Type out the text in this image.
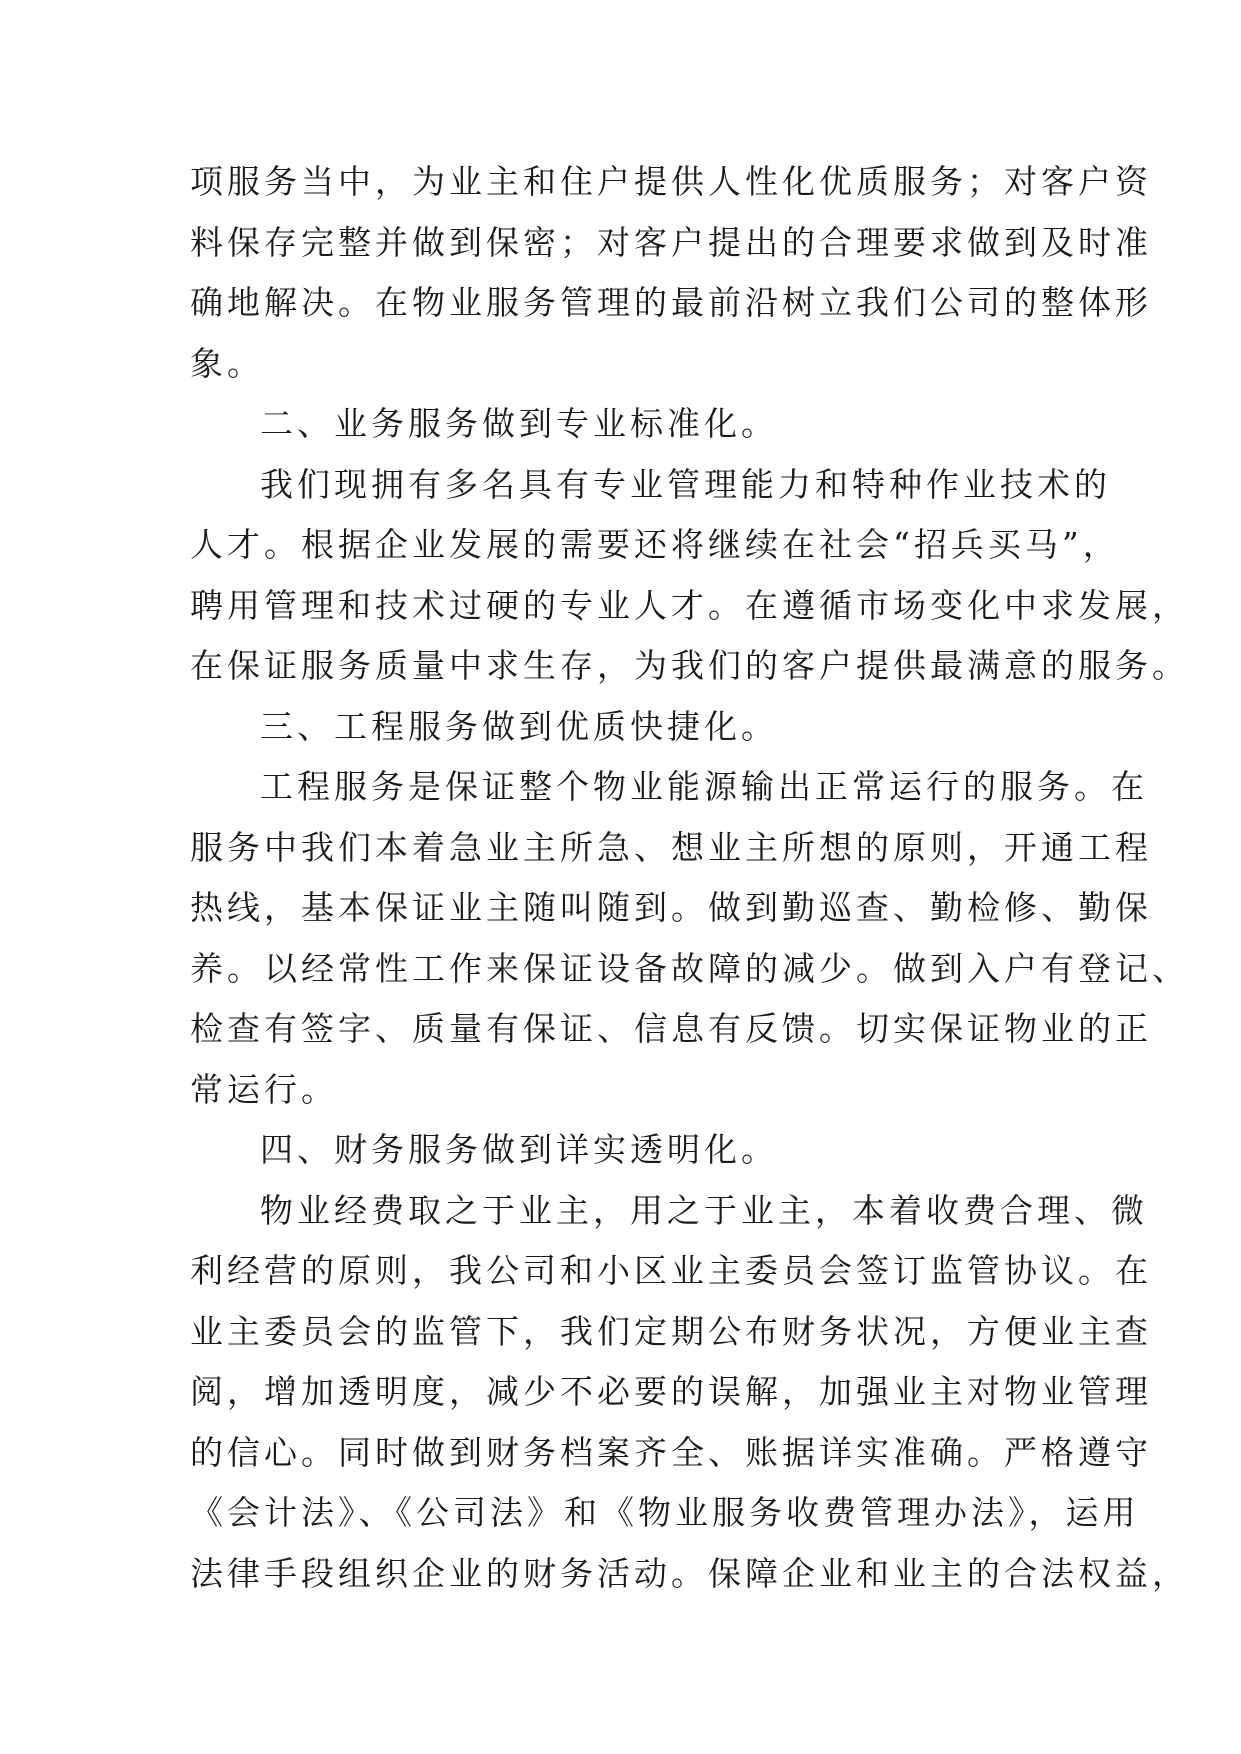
项服务当中，为业主和住户提供人性化优质服务；对客户资
料保存完整并做到保密；对客户提出的合理要求做到及时准
确地解决。在物业服务管理的最前沿树立我们公司的整体形
象。
二、业务服务做到专业标准化。
我们现拥有多名具有专业管理能力和特种作业技术的
人才。根据企业发展的需要还将继续在社会“招兵买马”，
聘用管理和技术过硬的专业人才。在遵循市场变化中求发展，
在保证服务质量中求生存，为我们的客户提供最满意的服务。
三、工程服务做到优质快捷化。
工程服务是保证整个物业能源输出正常运行的服务。在
服务中我们本着急业主所急、想业主所想的原则，开通工程
热线，基本保证业主随叫随到。做到勤巡查、勤检修、勤保
养。以经常性工作来保证设备故障的减少。做到入户有登记、
检查有签字、质量有保证、信息有反馈。切实保证物业的正
常运行。
四、财务服务做到详实透明化。
物业经费取之于业主，用之于业主，本着收费合理、微
利经营的原则，我公司和小区业主委员会签订监管协议。在
业主委员会的监管下，我们定期公布财务状况，方便业主查
阅，增加透明度，减少不必要的误解，加强业主对物业管理
的信心。同时做到财务档案齐全、账据详实准确。严格遵守
《会计法》、《公司法》和《物业服务收费管理办法》，运用
法律手段组织企业的财务活动。保障企业和业主的合法权益，
